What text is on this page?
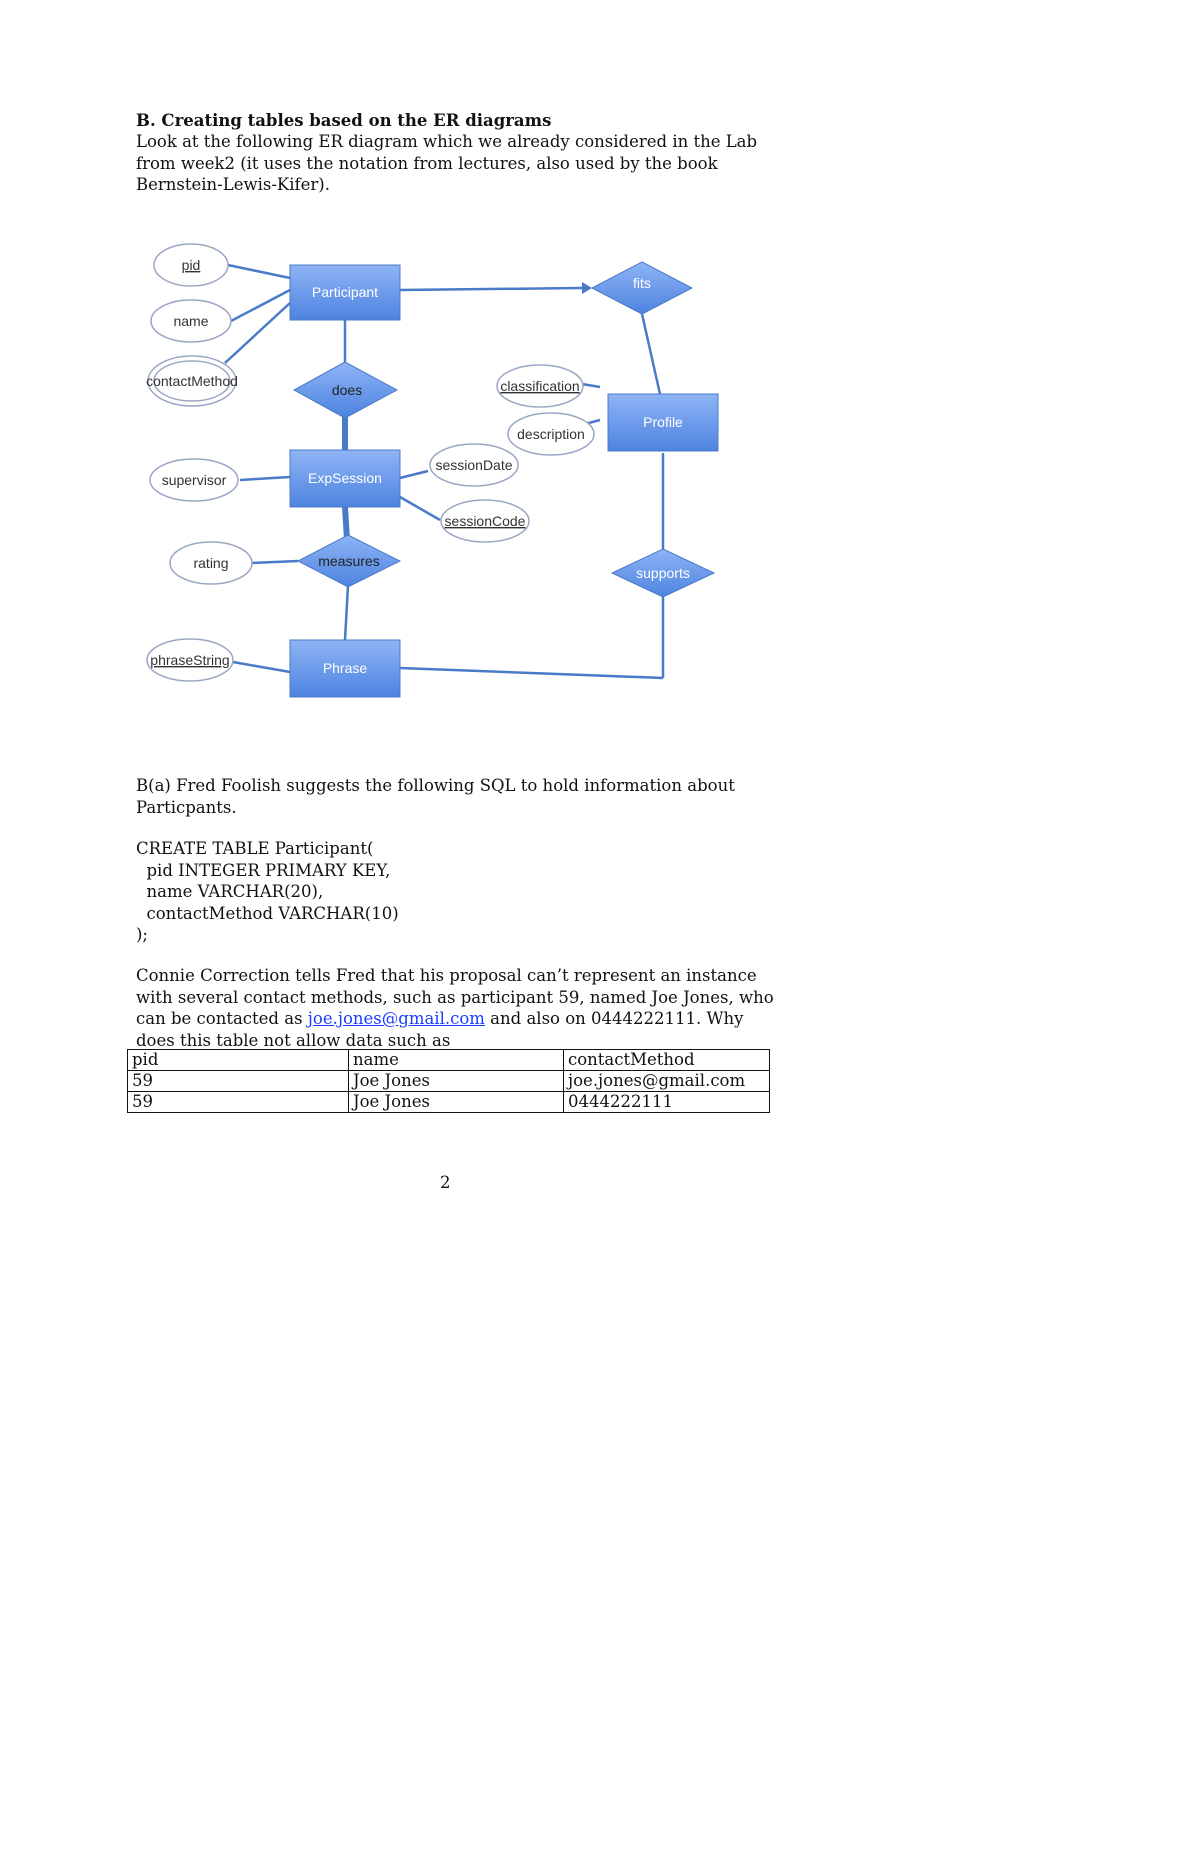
B. Creating tables based on the ER diagrams
Look at the following ER diagram which we already considered in the Lab from week2 (it uses the notation from lectures, also used by the book Bernstein-Lewis-Kifer).
Participant
ExpSession
Phrase
Profile
fits
does
measures
supports
pid
name
contactMethod
supervisor
rating
phraseString
classification
description
sessionDate
sessionCode
B(a) Fred Foolish suggests the following SQL to hold information about Particpants.
CREATE TABLE Participant(
pid INTEGER PRIMARY KEY,
name VARCHAR(20),
contactMethod VARCHAR(10)
);
Connie Correction tells Fred that his proposal can’t represent an instance with several contact methods, such as participant 59, named Joe Jones, who can be contacted as joe.jones@gmail.com and also on 0444222111. Why does this table not allow data such as
pid	name	contactMethod
59	Joe Jones	joe.jones@gmail.com
59	Joe Jones	0444222111
2
